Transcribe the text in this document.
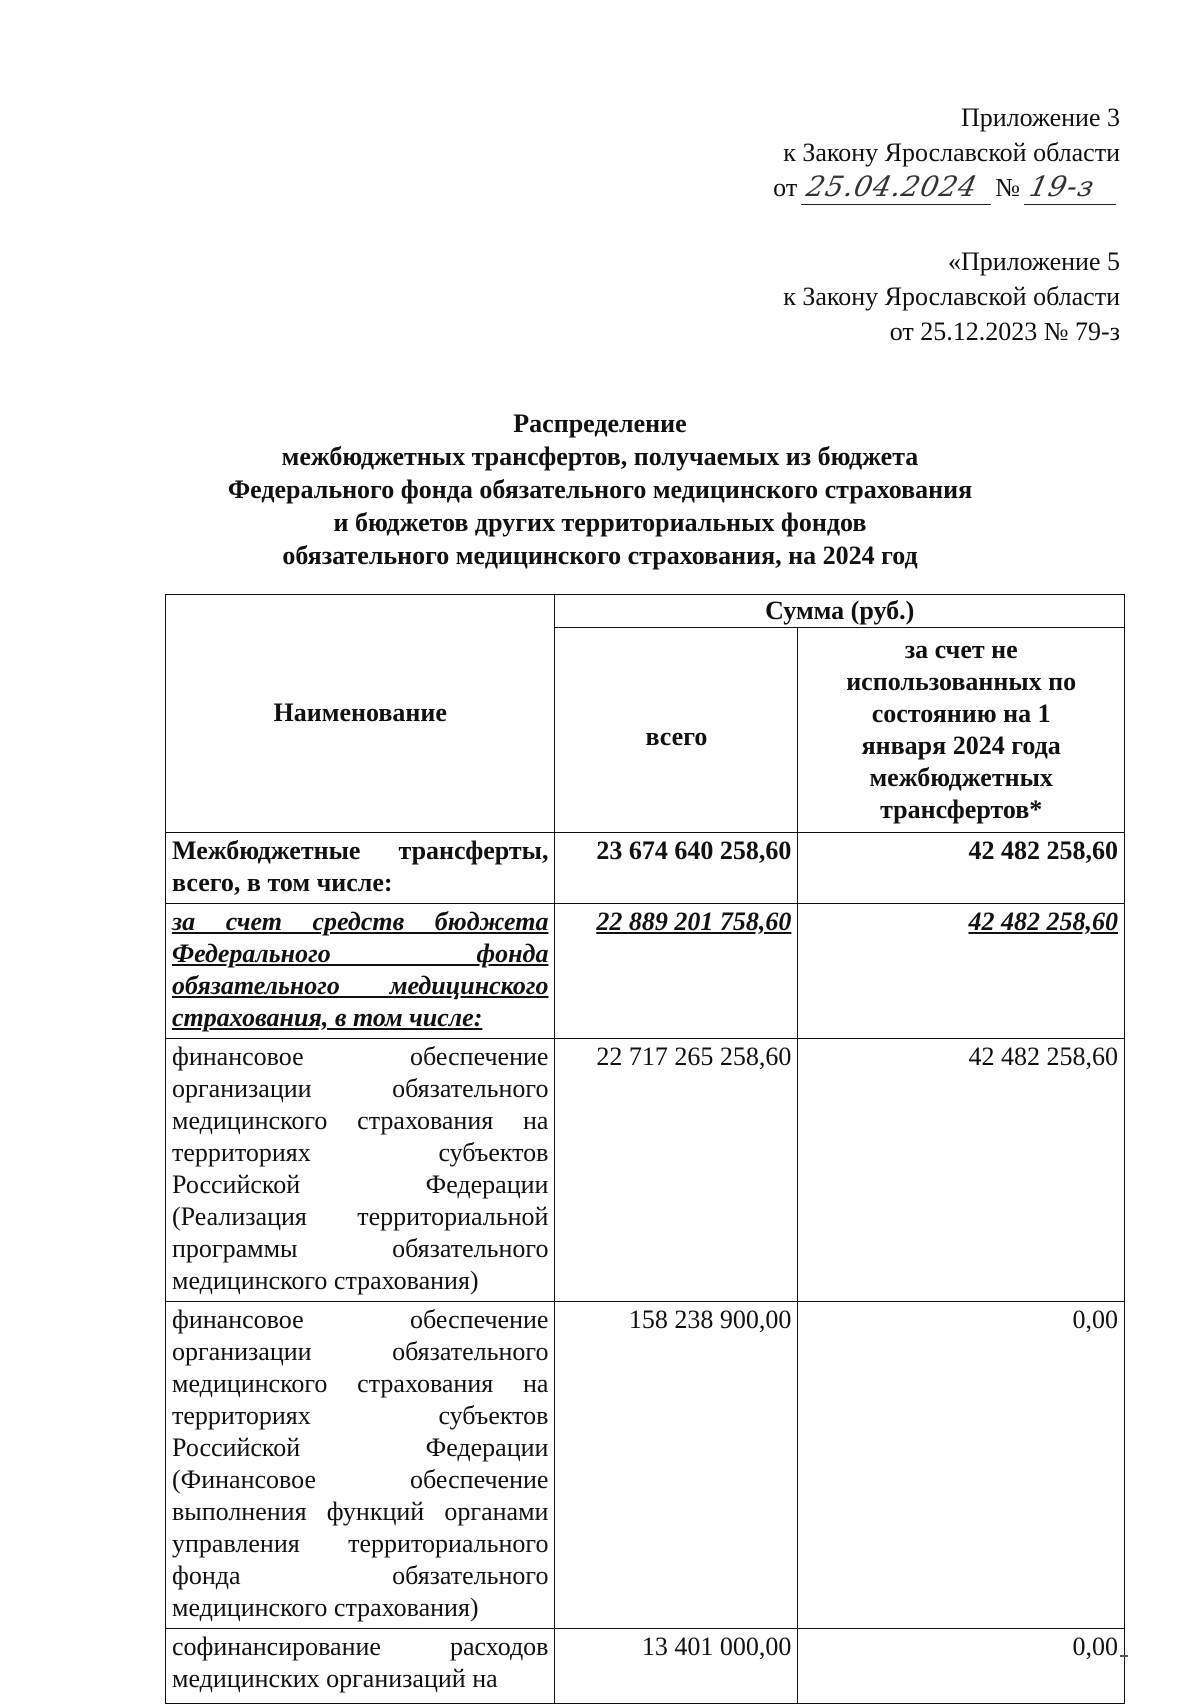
Приложение 3
к Закону Ярославской области
от 25.04.2024 № 19-з
«Приложение 5
к Закону Ярославской области
от 25.12.2023 № 79-з
Распределение
межбюджетных трансфертов, получаемых из бюджета
Федерального фонда обязательного медицинского страхования
и бюджетов других территориальных фондов
обязательного медицинского страхования, на 2024 год
Наименование	Сумма (руб.)	
	всего	за счет не использованных по состоянию на 1 января 2024 года межбюджетных трансфертов*
Межбюджетные трансферты, всего, в том числе:	23 674 640 258,60	42 482 258,60
за счет средств бюджета Федерального фонда обязательного медицинского страхования, в том числе:	22 889 201 758,60	42 482 258,60
финансовое обеспечение организации обязательного медицинского страхования на территориях субъектов Российской Федерации (Реализация территориальной программы обязательного медицинского страхования)	22 717 265 258,60	42 482 258,60
финансовое обеспечение организации обязательного медицинского страхования на территориях субъектов Российской Федерации (Финансовое обеспечение выполнения функций органами управления территориального фонда обязательного медицинского страхования)	158 238 900,00	0,00
софинансирование расходов медицинских организаций на	13 401 000,00	0,00
